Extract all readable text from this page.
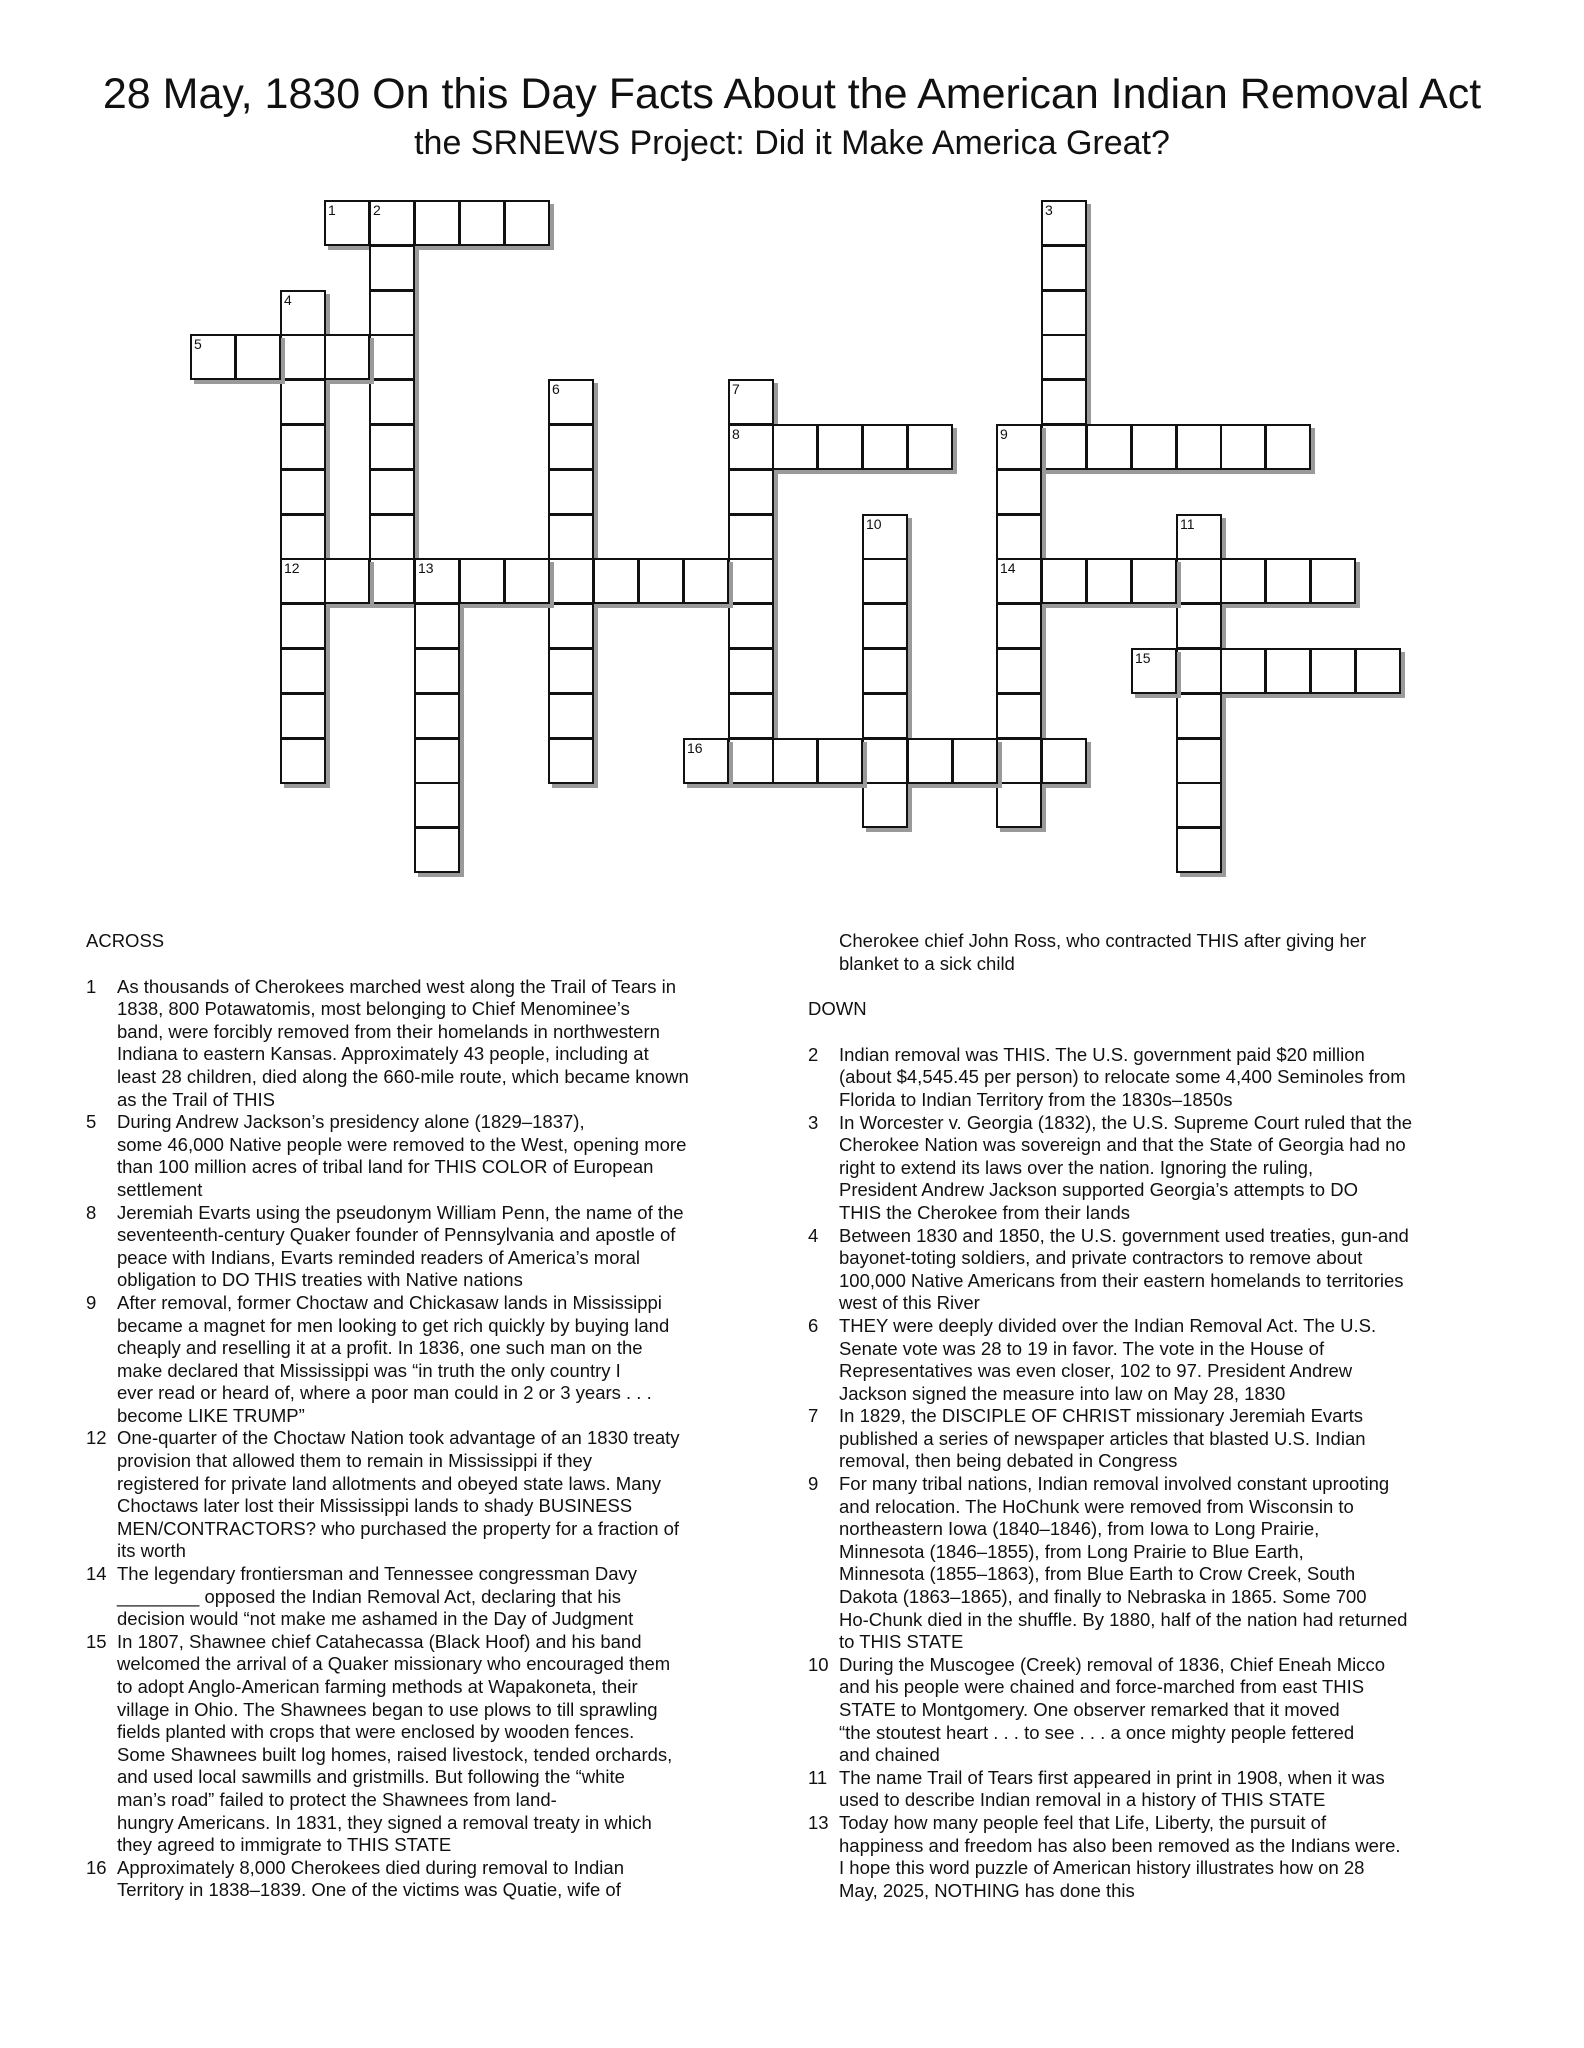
28 May, 1830 On this Day Facts About the American Indian Removal Act
the SRNEWS Project: Did it Make America Great?
1	2	3
4
12
5
6	7
8	9
14
10	11
13
15
16
ACROSS
1	As thousands of Cherokees marched west along the Trail of Tears in
1838, 800 Potawatomis, most belonging to Chief Menominee’s
band, were forcibly removed from their homelands in northwestern
Indiana to eastern Kansas. Approximately 43 people, including at
least 28 children, died along the 660-mile route, which became known
as the Trail of THIS
5	During Andrew Jackson’s presidency alone (1829–1837),
some 46,000 Native people were removed to the West, opening more
than 100 million acres of tribal land for THIS COLOR of European
settlement
8	Jeremiah Evarts using the pseudonym William Penn, the name of the
seventeenth-century Quaker founder of Pennsylvania and apostle of
peace with Indians, Evarts reminded readers of America’s moral
obligation to DO THIS treaties with Native nations
9	After removal, former Choctaw and Chickasaw lands in Mississippi
became a magnet for men looking to get rich quickly by buying land
cheaply and reselling it at a profit. In 1836, one such man on the
make declared that Mississippi was “in truth the only country I
ever read or heard of, where a poor man could in 2 or 3 years . . .
become LIKE TRUMP”
12 One-quarter of the Choctaw Nation took advantage of an 1830 treaty
provision that allowed them to remain in Mississippi if they
registered for private land allotments and obeyed state laws. Many
Choctaws later lost their Mississippi lands to shady BUSINESS
MEN/CONTRACTORS? who purchased the property for a fraction of
its worth
14 The legendary frontiersman and Tennessee congressman Davy
________ opposed the Indian Removal Act, declaring that his
decision would “not make me ashamed in the Day of Judgment
15 In 1807, Shawnee chief Catahecassa (Black Hoof) and his band
welcomed the arrival of a Quaker missionary who encouraged them
to adopt Anglo-American farming methods at Wapakoneta, their
village in Ohio. The Shawnees began to use plows to till sprawling
fields planted with crops that were enclosed by wooden fences.
Some Shawnees built log homes, raised livestock, tended orchards,
and used local sawmills and gristmills. But following the “white
man’s road” failed to protect the Shawnees from land-
hungry Americans. In 1831, they signed a removal treaty in which
they agreed to immigrate to THIS STATE
16 Approximately 8,000 Cherokees died during removal to Indian
Territory in 1838–1839. One of the victims was Quatie, wife of
Cherokee chief John Ross, who contracted THIS after giving her
blanket to a sick child
DOWN
2	Indian removal was THIS. The U.S. government paid $20 million
(about $4,545.45 per person) to relocate some 4,400 Seminoles from
Florida to Indian Territory from the 1830s–1850s
3	In Worcester v. Georgia (1832), the U.S. Supreme Court ruled that the
Cherokee Nation was sovereign and that the State of Georgia had no
right to extend its laws over the nation. Ignoring the ruling,
President Andrew Jackson supported Georgia’s attempts to DO
THIS the Cherokee from their lands
4	Between 1830 and 1850, the U.S. government used treaties, gun-and
bayonet-toting soldiers, and private contractors to remove about
100,000 Native Americans from their eastern homelands to territories
west of this River
6	THEY were deeply divided over the Indian Removal Act. The U.S.
Senate vote was 28 to 19 in favor. The vote in the House of
Representatives was even closer, 102 to 97. President Andrew
Jackson signed the measure into law on May 28, 1830
7	In 1829, the DISCIPLE OF CHRIST missionary Jeremiah Evarts
published a series of newspaper articles that blasted U.S. Indian
removal, then being debated in Congress
9	For many tribal nations, Indian removal involved constant uprooting
and relocation. The HoChunk were removed from Wisconsin to
northeastern Iowa (1840–1846), from Iowa to Long Prairie,
Minnesota (1846–1855), from Long Prairie to Blue Earth,
Minnesota (1855–1863), from Blue Earth to Crow Creek, South
Dakota (1863–1865), and finally to Nebraska in 1865. Some 700
Ho-Chunk died in the shuffle. By 1880, half of the nation had returned
to THIS STATE
10 During the Muscogee (Creek) removal of 1836, Chief Eneah Micco
and his people were chained and force-marched from east THIS
STATE to Montgomery. One observer remarked that it moved
“the stoutest heart . . . to see . . . a once mighty people fettered
and chained
11 The name Trail of Tears first appeared in print in 1908, when it was
used to describe Indian removal in a history of THIS STATE
13 Today how many people feel that Life, Liberty, the pursuit of
happiness and freedom has also been removed as the Indians were.
I hope this word puzzle of American history illustrates how on 28
May, 2025, NOTHING has done this
